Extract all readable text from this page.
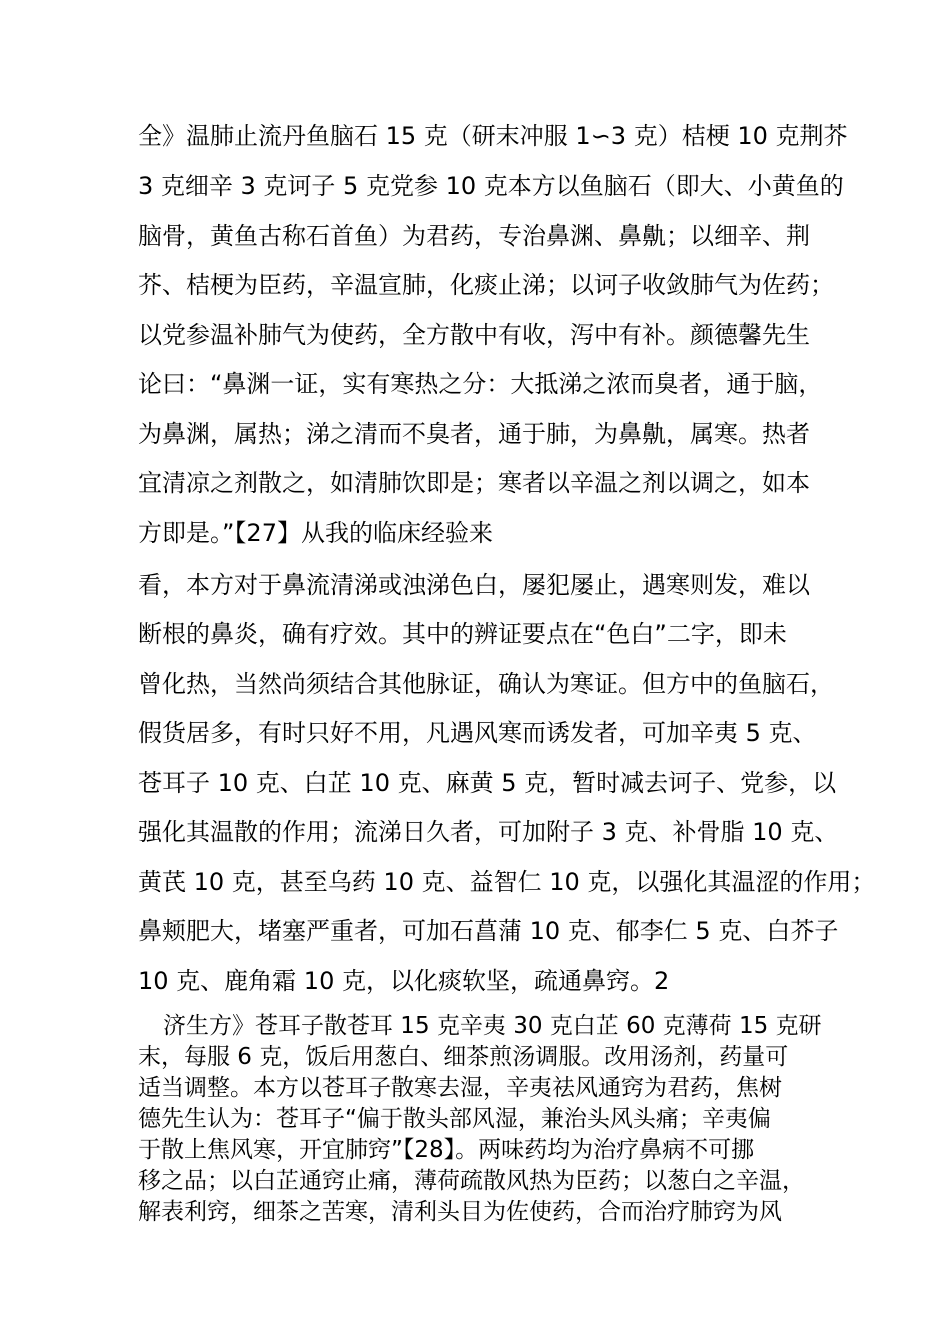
全》温肺止流丹鱼脑石 15 克（研末冲服 1∽3 克）桔梗 10 克荆芥

3 克细辛 3 克诃子 5 克党参 10 克本方以鱼脑石（即大、小黄鱼的

脑骨，黄鱼古称石首鱼）为君药，专治鼻渊、鼻鼽；以细辛、荆

芥、桔梗为臣药，辛温宣肺，化痰止涕；以诃子收敛肺气为佐药；

以党参温补肺气为使药，全方散中有收，泻中有补。颜德馨先生

论曰：“鼻渊一证，实有寒热之分：大抵涕之浓而臭者，通于脑，

为鼻渊，属热；涕之清而不臭者，通于肺，为鼻鼽，属寒。热者

宜清凉之剂散之，如清肺饮即是；寒者以辛温之剂以调之，如本

方即是。”【27】从我的临床经验来

看，本方对于鼻流清涕或浊涕色白，屡犯屡止，遇寒则发，难以

断根的鼻炎，确有疗效。其中的辨证要点在“色白”二字，即未

曾化热，当然尚须结合其他脉证，确认为寒证。但方中的鱼脑石，

假货居多，有时只好不用，凡遇风寒而诱发者，可加辛夷 5 克、

苍耳子 10 克、白芷 10 克、麻黄 5 克，暂时减去诃子、党参，以

强化其温散的作用；流涕日久者，可加附子 3 克、补骨脂 10 克、

黄芪 10 克，甚至乌药 10 克、益智仁 10 克，以强化其温涩的作用；

鼻颊肥大，堵塞严重者，可加石菖蒲 10 克、郁李仁 5 克、白芥子

10 克、鹿角霜 10 克，以化痰软坚，疏通鼻窍。2

济生方》苍耳子散苍耳 15 克辛夷 30 克白芷 60 克薄荷 15 克研

末，每服 6 克，饭后用葱白、细茶煎汤调服。改用汤剂，药量可

适当调整。本方以苍耳子散寒去湿，辛夷祛风通窍为君药，焦树

德先生认为：苍耳子“偏于散头部风湿，兼治头风头痛；辛夷偏

于散上焦风寒，开宜肺窍”【28】。两味药均为治疗鼻病不可挪

移之品；以白芷通窍止痛，薄荷疏散风热为臣药；以葱白之辛温，

解表利窍，细茶之苦寒，清利头目为佐使药，合而治疗肺窍为风
